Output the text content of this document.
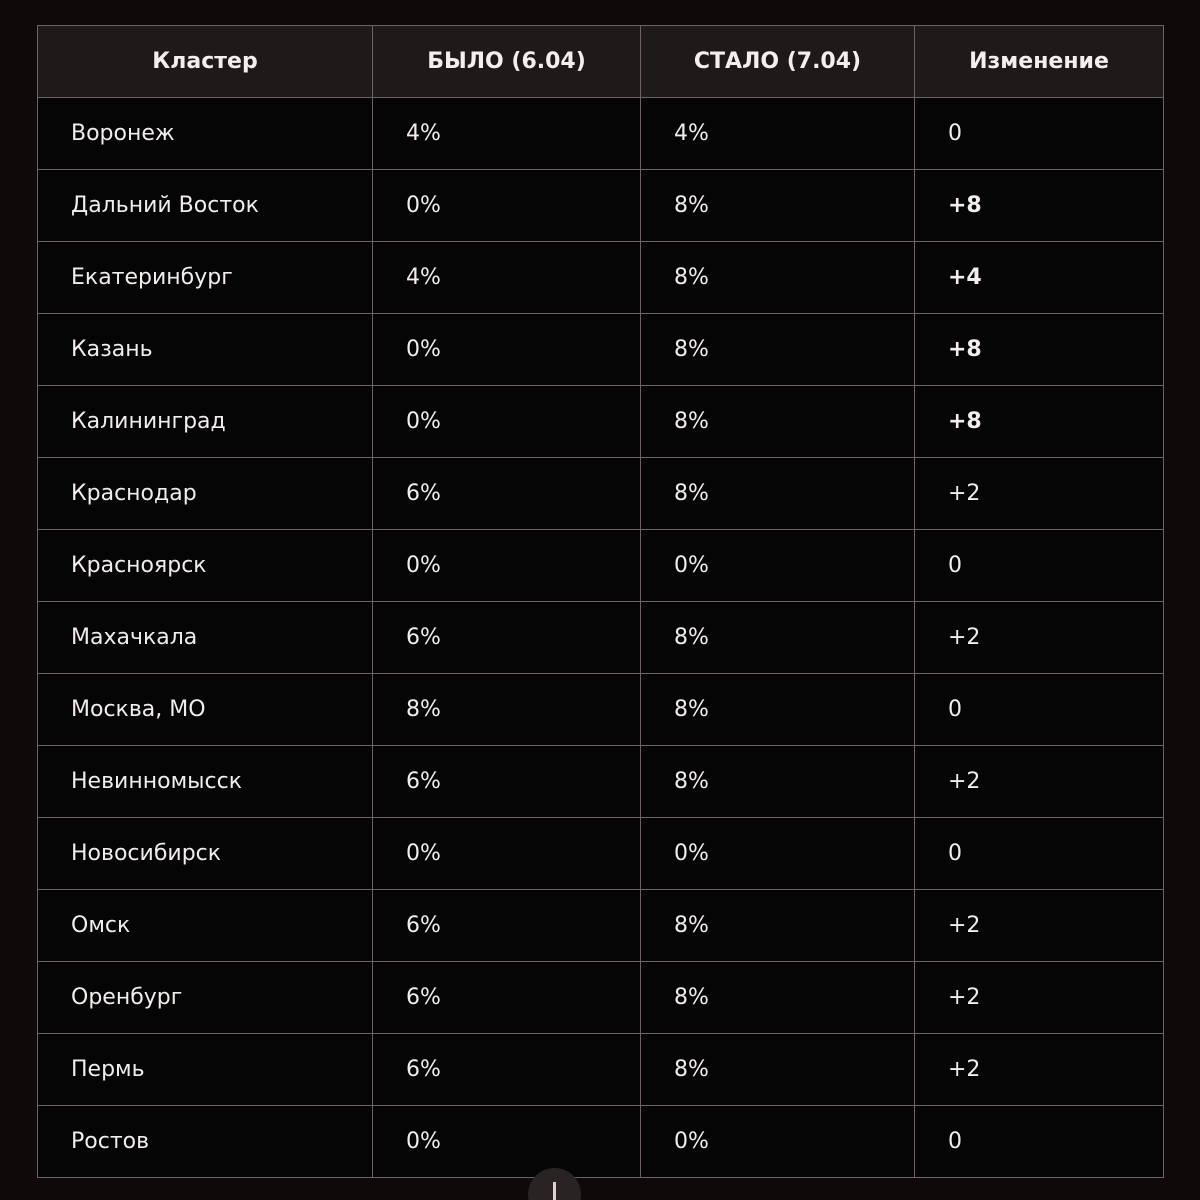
Кластер	БЫЛО (6.04)	СТАЛО (7.04)	Изменение
Воронеж	4%	4%	0
Дальний Восток	0%	8%	+8
Екатеринбург	4%	8%	+4
Казань	0%	8%	+8
Калининград	0%	8%	+8
Краснодар	6%	8%	+2
Красноярск	0%	0%	0
Махачкала	6%	8%	+2
Москва, МО	8%	8%	0
Невинномысск	6%	8%	+2
Новосибирск	0%	0%	0
Омск	6%	8%	+2
Оренбург	6%	8%	+2
Пермь	6%	8%	+2
Ростов	0%	0%	0
